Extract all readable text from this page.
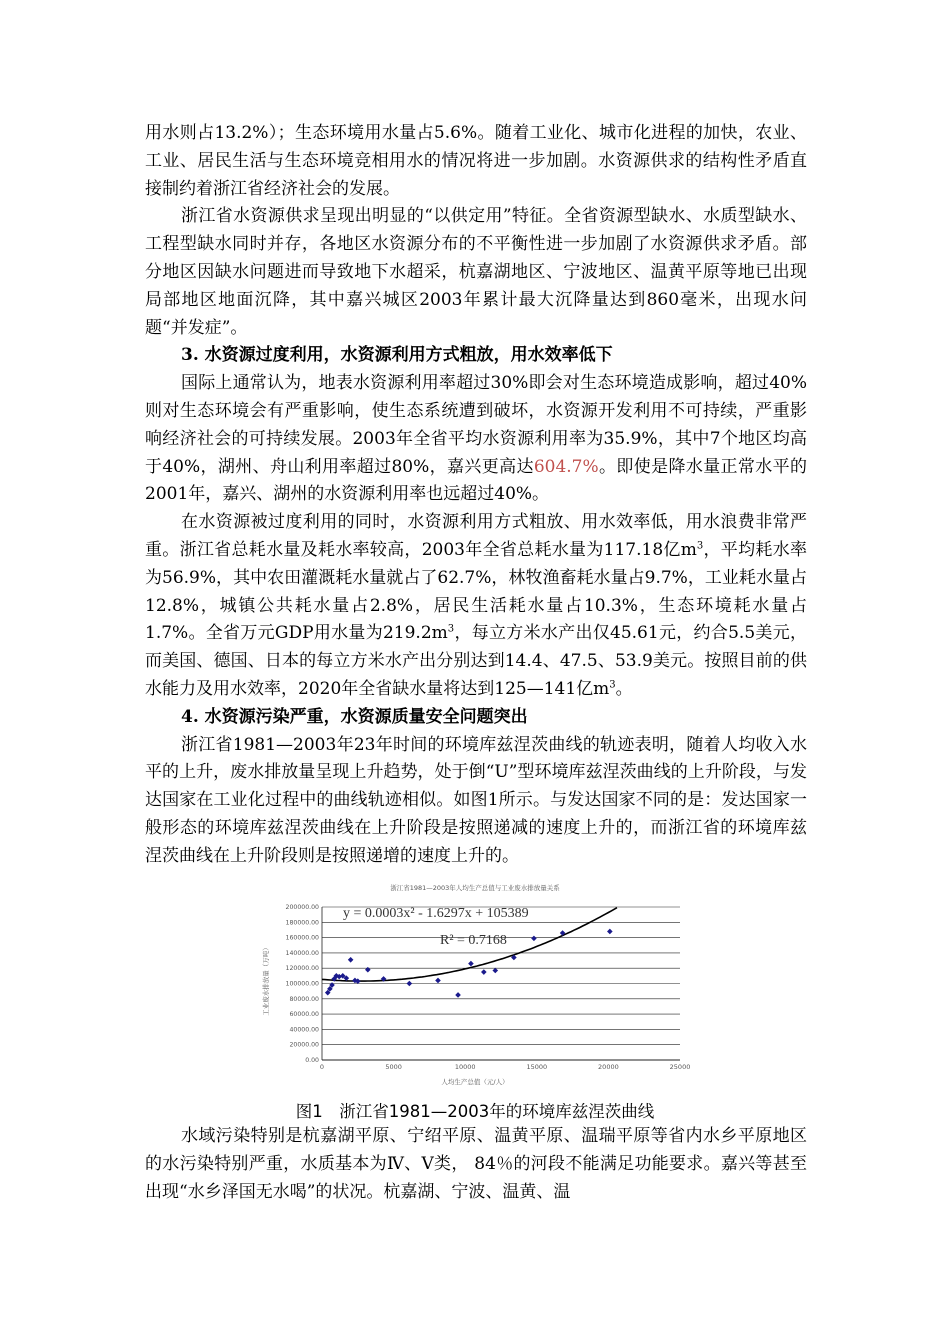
用水则占13.2%）；生态环境用水量占5.6%。随着工业化、城市化进程的加快，农业、工业、居民生活与生态环境竞相用水的情况将进一步加剧。水资源供求的结构性矛盾直接制约着浙江省经济社会的发展。

浙江省水资源供求呈现出明显的“以供定用”特征。全省资源型缺水、水质型缺水、工程型缺水同时并存，各地区水资源分布的不平衡性进一步加剧了水资源供求矛盾。部分地区因缺水问题进而导致地下水超采，杭嘉湖地区、宁波地区、温黄平原等地已出现局部地区地面沉降，其中嘉兴城区2003年累计最大沉降量达到860毫米，出现水问题“并发症”。

3. 水资源过度利用，水资源利用方式粗放，用水效率低下

国际上通常认为，地表水资源利用率超过30%即会对生态环境造成影响，超过40%则对生态环境会有严重影响，使生态系统遭到破坏，水资源开发利用不可持续，严重影响经济社会的可持续发展。2003年全省平均水资源利用率为35.9%，其中7个地区均高于40%，湖州、舟山利用率超过80%，嘉兴更高达604.7%。即使是降水量正常水平的2001年，嘉兴、湖州的水资源利用率也远超过40%。

在水资源被过度利用的同时，水资源利用方式粗放、用水效率低，用水浪费非常严重。浙江省总耗水量及耗水率较高，2003年全省总耗水量为117.18亿$m^3$，平均耗水率为56.9%，其中农田灌溉耗水量就占了62.7%，林牧渔畜耗水量占9.7%，工业耗水量占12.8%，城镇公共耗水量占2.8%，居民生活耗水量占10.3%，生态环境耗水量占1.7%。全省万元GDP用水量为$219.2m^3$，每立方米水产出仅45.61元，约合5.5美元，而美国、德国、日本的每立方米水产出分别达到14.4、47.5、53.9美元。按照目前的供水能力及用水效率，2020年全省缺水量将达到125—141亿$m^3$。

4. 水资源污染严重，水资源质量安全问题突出

浙江省1981—2003年23年时间的环境库兹涅茨曲线的轨迹表明，随着人均收入水平的上升，废水排放量呈现上升趋势，处于倒“U”型环境库兹涅茨曲线的上升阶段，与发达国家在工业化过程中的曲线轨迹相似。如图1所示。与发达国家不同的是：发达国家一般形态的环境库兹涅茨曲线在上升阶段是按照递减的速度上升的，而浙江省的环境库兹涅茨曲线在上升阶段则是按照递增的速度上升的。

浙江省1981—2003年人均生产总值与工业废水排放量关系
0.00
20000.00
40000.00
60000.00
80000.00
100000.00
120000.00
140000.00
160000.00
180000.00
200000.00
0	5000	10000	15000	20000	25000
y = 0.0003x² - 1.6297x + 105389
R² = 0.7168
工业废水排放量（万吨）
人均生产总值（元/人）
图1　浙江省1981—2003年的环境库兹涅茨曲线

水域污染特别是杭嘉湖平原、宁绍平原、温黄平原、温瑞平原等省内水乡平原地区的水污染特别严重，水质基本为Ⅳ、Ⅴ类， 84％的河段不能满足功能要求。嘉兴等甚至出现“水乡泽国无水喝”的状况。杭嘉湖、宁波、温黄、温
